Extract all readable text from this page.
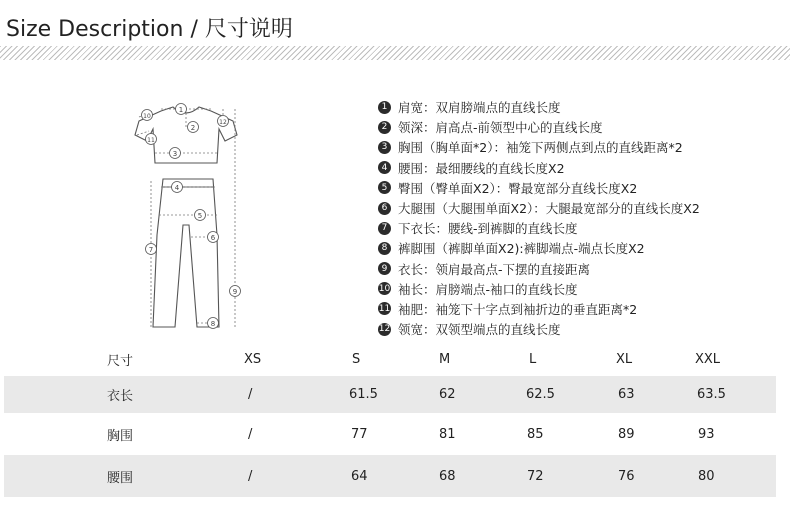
Size Description / 尺寸说明
1
2
3
4
5
6
7
8
9
10
11
12
1 肩宽：双肩膀端点的直线长度
2 领深：肩高点-前领型中心的直线长度
3 胸围（胸单面*2）：袖笼下两侧点到点的直线距离*2
4 腰围：最细腰线的直线长度X2
5 臀围（臀单面X2）：臀最宽部分直线长度X2
6 大腿围（大腿围单面X2）：大腿最宽部分的直线长度X2
7 下衣长：腰线-到裤脚的直线长度
8 裤脚围（裤脚单面X2):裤脚端点-端点长度X2
9 衣长：领肩最高点-下摆的直接距离
10 袖长：肩膀端点-袖口的直线长度
11 袖肥：袖笼下十字点到袖折边的垂直距离*2
12 领宽：双领型端点的直线长度
尺寸	XS	S	M	L	XL	XXL
衣长	/	61.5	62	62.5	63	63.5
胸围	/	77	81	85	89	93
腰围	/	64	68	72	76	80
